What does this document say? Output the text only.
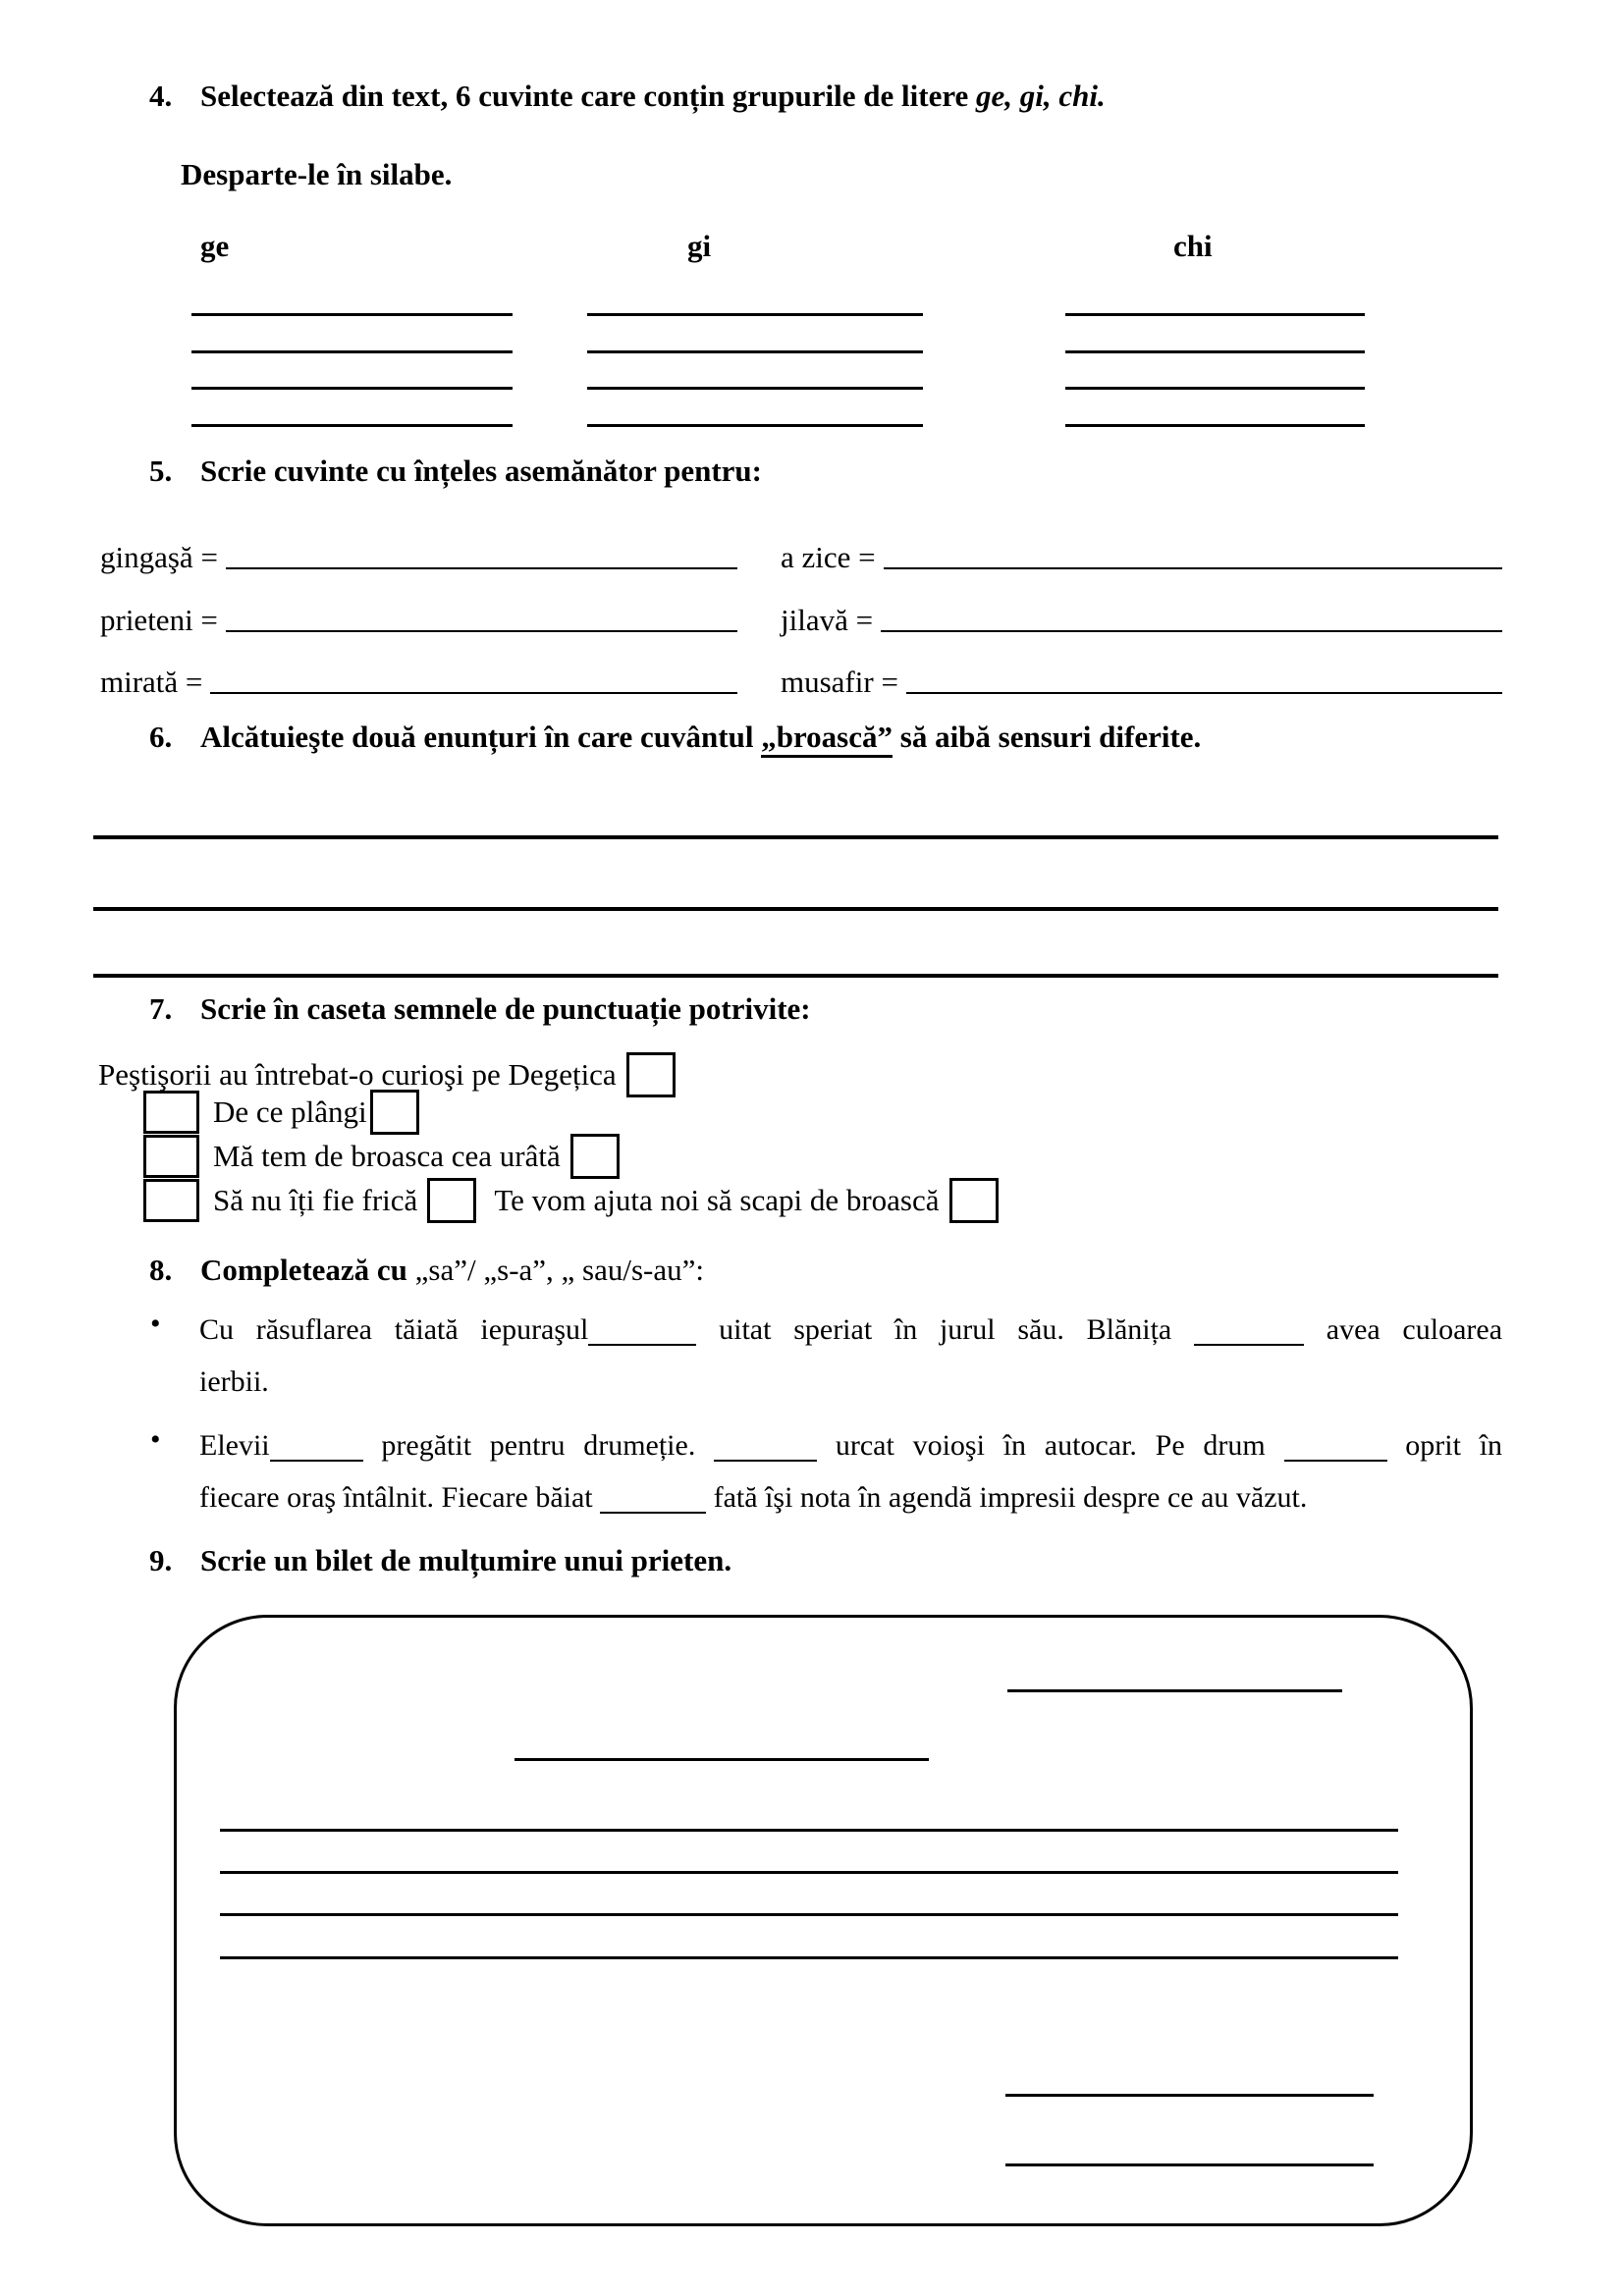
4. Selectează din text, 6 cuvinte care conțin grupurile de litere ge, gi, chi.
Desparte-le în silabe.
ge	gi	chi
5. Scrie cuvinte cu înțeles asemănător pentru:
gingaşă =	a zice =
prieteni =	jilavă =
mirată =	musafir =
6. Alcătuieşte două enunțuri în care cuvântul „broască” să aibă sensuri diferite.
7. Scrie în caseta semnele de punctuație potrivite:
Peştişorii au întrebat-o curioşi pe Degețica
De ce plângi
Mă tem de broasca cea urâtă
Să nu îți fie frică	Te vom ajuta noi să scapi de broască
8. Completează cu „sa”/ „s-a”, „ sau/s-au”:
• Cu răsuflarea tăiată iepuraşul	uitat speriat în jurul său. Blănița	avea culoarea
ierbii.
• Elevii	pregătit pentru drumeție.	urcat voioşi în autocar. Pe drum	oprit în
fiecare oraş întâlnit. Fiecare băiat	fată îşi nota în agendă impresii despre ce au văzut.
9. Scrie un bilet de mulțumire unui prieten.
